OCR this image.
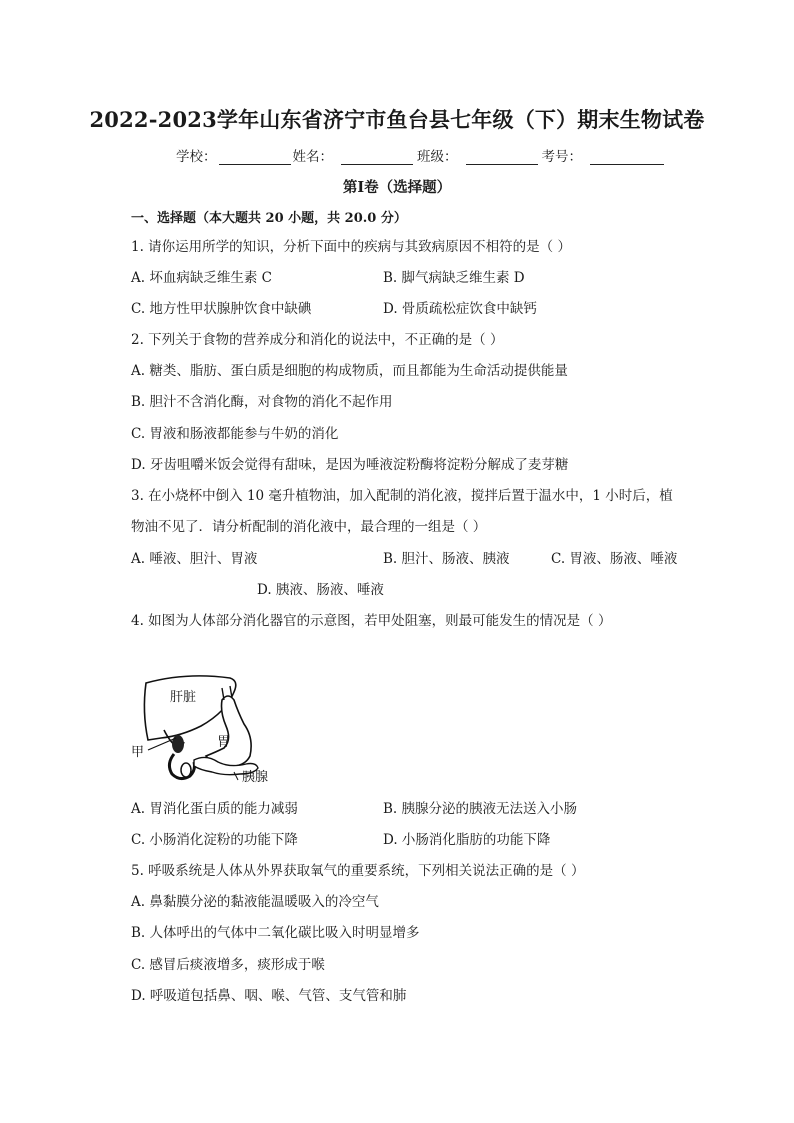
2022-2023学年山东省济宁市鱼台县七年级（下）期末生物试卷
学校：	姓名：	班级：	考号：
第I卷（选择题）
一、选择题（本大题共 20 小题，共 20.0 分）
1. 请你运用所学的知识，分析下面中的疾病与其致病原因不相符的是（ ）
A. 坏血病缺乏维生素 C	B. 脚气病缺乏维生素 D
C. 地方性甲状腺肿饮食中缺碘	D. 骨质疏松症饮食中缺钙
2. 下列关于食物的营养成分和消化的说法中，不正确的是（ ）
A. 糖类、脂肪、蛋白质是细胞的构成物质，而且都能为生命活动提供能量
B. 胆汁不含消化酶，对食物的消化不起作用
C. 胃液和肠液都能参与牛奶的消化
D. 牙齿咀嚼米饭会觉得有甜味，是因为唾液淀粉酶将淀粉分解成了麦芽糖
3. 在小烧杯中倒入 10 毫升植物油，加入配制的消化液，搅拌后置于温水中，1 小时后，植
物油不见了．请分析配制的消化液中，最合理的一组是（ ）
A. 唾液、胆汁、胃液	B. 胆汁、肠液、胰液	C. 胃液、肠液、唾液
D. 胰液、肠液、唾液
4. 如图为人体部分消化器官的示意图，若甲处阻塞，则最可能发生的情况是（ ）
肝脏
胃
甲
胰腺
A. 胃消化蛋白质的能力减弱	B. 胰腺分泌的胰液无法送入小肠
C. 小肠消化淀粉的功能下降	D. 小肠消化脂肪的功能下降
5. 呼吸系统是人体从外界获取氧气的重要系统，下列相关说法正确的是（ ）
A. 鼻黏膜分泌的黏液能温暖吸入的冷空气
B. 人体呼出的气体中二氧化碳比吸入时明显增多
C. 感冒后痰液增多，痰形成于喉
D. 呼吸道包括鼻、咽、喉、气管、支气管和肺
